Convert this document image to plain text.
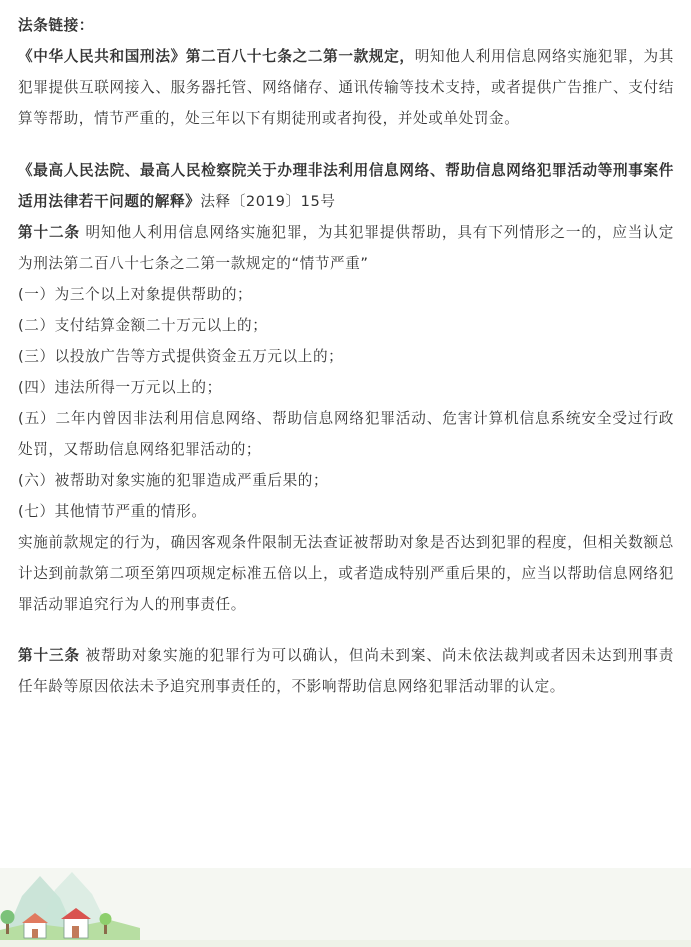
法条链接：

《中华人民共和国刑法》第二百八十七条之二第一款规定，明知他人利用信息网络实施犯罪，为其犯罪提供互联网接入、服务器托管、网络储存、通讯传输等技术支持，或者提供广告推广、支付结算等帮助，情节严重的，处三年以下有期徒刑或者拘役，并处或单处罚金。

《最高人民法院、最高人民检察院关于办理非法利用信息网络、帮助信息网络犯罪活动等刑事案件适用法律若干问题的解释》法释〔2019〕15号

第十二条 明知他人利用信息网络实施犯罪，为其犯罪提供帮助，具有下列情形之一的，应当认定为刑法第二百八十七条之二第一款规定的“情节严重”

(一）为三个以上对象提供帮助的；

(二）支付结算金额二十万元以上的；

(三）以投放广告等方式提供资金五万元以上的；

(四）违法所得一万元以上的；

(五）二年内曾因非法利用信息网络、帮助信息网络犯罪活动、危害计算机信息系统安全受过行政处罚，又帮助信息网络犯罪活动的；

(六）被帮助对象实施的犯罪造成严重后果的；

(七）其他情节严重的情形。

实施前款规定的行为，确因客观条件限制无法查证被帮助对象是否达到犯罪的程度，但相关数额总计达到前款第二项至第四项规定标准五倍以上，或者造成特别严重后果的，应当以帮助信息网络犯罪活动罪追究行为人的刑事责任。

第十三条 被帮助对象实施的犯罪行为可以确认，但尚未到案、尚未依法裁判或者因未达到刑事责任年龄等原因依法未予追究刑事责任的，不影响帮助信息网络犯罪活动罪的认定。
